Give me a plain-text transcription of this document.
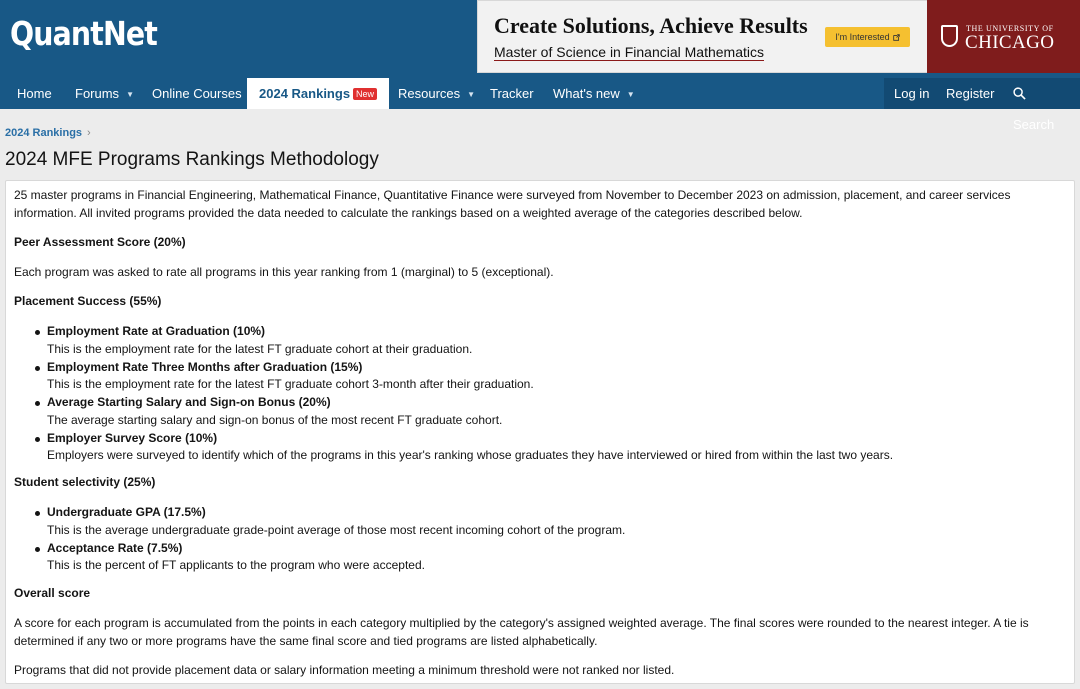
QuantNet	Create Solutions, Achieve Results
Master of Science in Financial Mathematics
I'm Interested
THE UNIVERSITY OF
CHICAGO
Home Forums ▼ Online Courses	2024 Rankings New	Resources ▼ Tracker What's new ▼	Log in	Register
Search
2024 Rankings ›
2024 MFE Programs Rankings Methodology

25 master programs in Financial Engineering, Mathematical Finance, Quantitative Finance were surveyed from November to December 2023 on admission, placement, and career services information. All invited programs provided the data needed to calculate the rankings based on a weighted average of the categories described below.

Peer Assessment Score (20%)

Each program was asked to rate all programs in this year ranking from 1 (marginal) to 5 (exceptional).

Placement Success (55%)

Employment Rate at Graduation (10%)
This is the employment rate for the latest FT graduate cohort at their graduation.
Employment Rate Three Months after Graduation (15%)
This is the employment rate for the latest FT graduate cohort 3-month after their graduation.
Average Starting Salary and Sign-on Bonus (20%)
The average starting salary and sign-on bonus of the most recent FT graduate cohort.
Employer Survey Score (10%)
Employers were surveyed to identify which of the programs in this year's ranking whose graduates they have interviewed or hired from within the last two years.

Student selectivity (25%)

Undergraduate GPA (17.5%)
This is the average undergraduate grade-point average of those most recent incoming cohort of the program.
Acceptance Rate (7.5%)
This is the percent of FT applicants to the program who were accepted.

Overall score

A score for each program is accumulated from the points in each category multiplied by the category's assigned weighted average. The final scores were rounded to the nearest integer. A tie is determined if any two or more programs have the same final score and tied programs are listed alphabetically.

Programs that did not provide placement data or salary information meeting a minimum threshold were not ranked nor listed.
